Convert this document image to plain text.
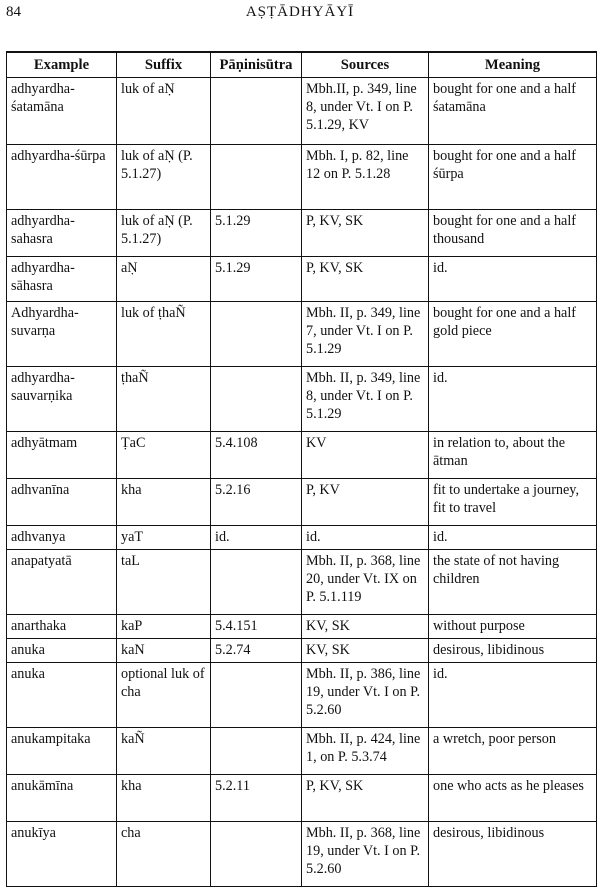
84	AṢṬĀDHYĀYĪ
Example	Suffix	Pāṇinisūtra	Sources	Meaning
adhyardha-śatamāna	luk of aṆ		Mbh.II, p. 349, line 8, under Vt. I on P. 5.1.29, KV	bought for one and a half śatamāna
adhyardha-śūrpa	luk of aṆ (P. 5.1.27)		Mbh. I, p. 82, line 12 on P. 5.1.28	bought for one and a half śūrpa
adhyardha-sahasra	luk of aṆ (P. 5.1.27)	5.1.29	P, KV, SK	bought for one and a half thousand
adhyardha-sāhasra	aṆ	5.1.29	P, KV, SK	id.
Adhyardha-suvarṇa	luk of ṭhaÑ		Mbh. II, p. 349, line 7, under Vt. I on P. 5.1.29	bought for one and a half gold piece
adhyardha-sauvarṇika	ṭhaÑ		Mbh. II, p. 349, line 8, under Vt. I on P. 5.1.29	id.
adhyātmam	ṬaC	5.4.108	KV	in relation to, about the ātman
adhvanīna	kha	5.2.16	P, KV	fit to undertake a journey, fit to travel
adhvanya	yaT	id.	id.	id.
anapatyatā	taL		Mbh. II, p. 368, line 20, under Vt. IX on P. 5.1.119	the state of not having children
anarthaka	kaP	5.4.151	KV, SK	without purpose
anuka	kaN	5.2.74	KV, SK	desirous, libidinous
anuka	optional luk of cha		Mbh. II, p. 386, line 19, under Vt. I on P. 5.2.60	id.
anukampitaka	kaÑ		Mbh. II, p. 424, line 1, on P. 5.3.74	a wretch, poor person
anukāmīna	kha	5.2.11	P, KV, SK	one who acts as he pleases
anukīya	cha		Mbh. II, p. 368, line 19, under Vt. I on P. 5.2.60	desirous, libidinous
